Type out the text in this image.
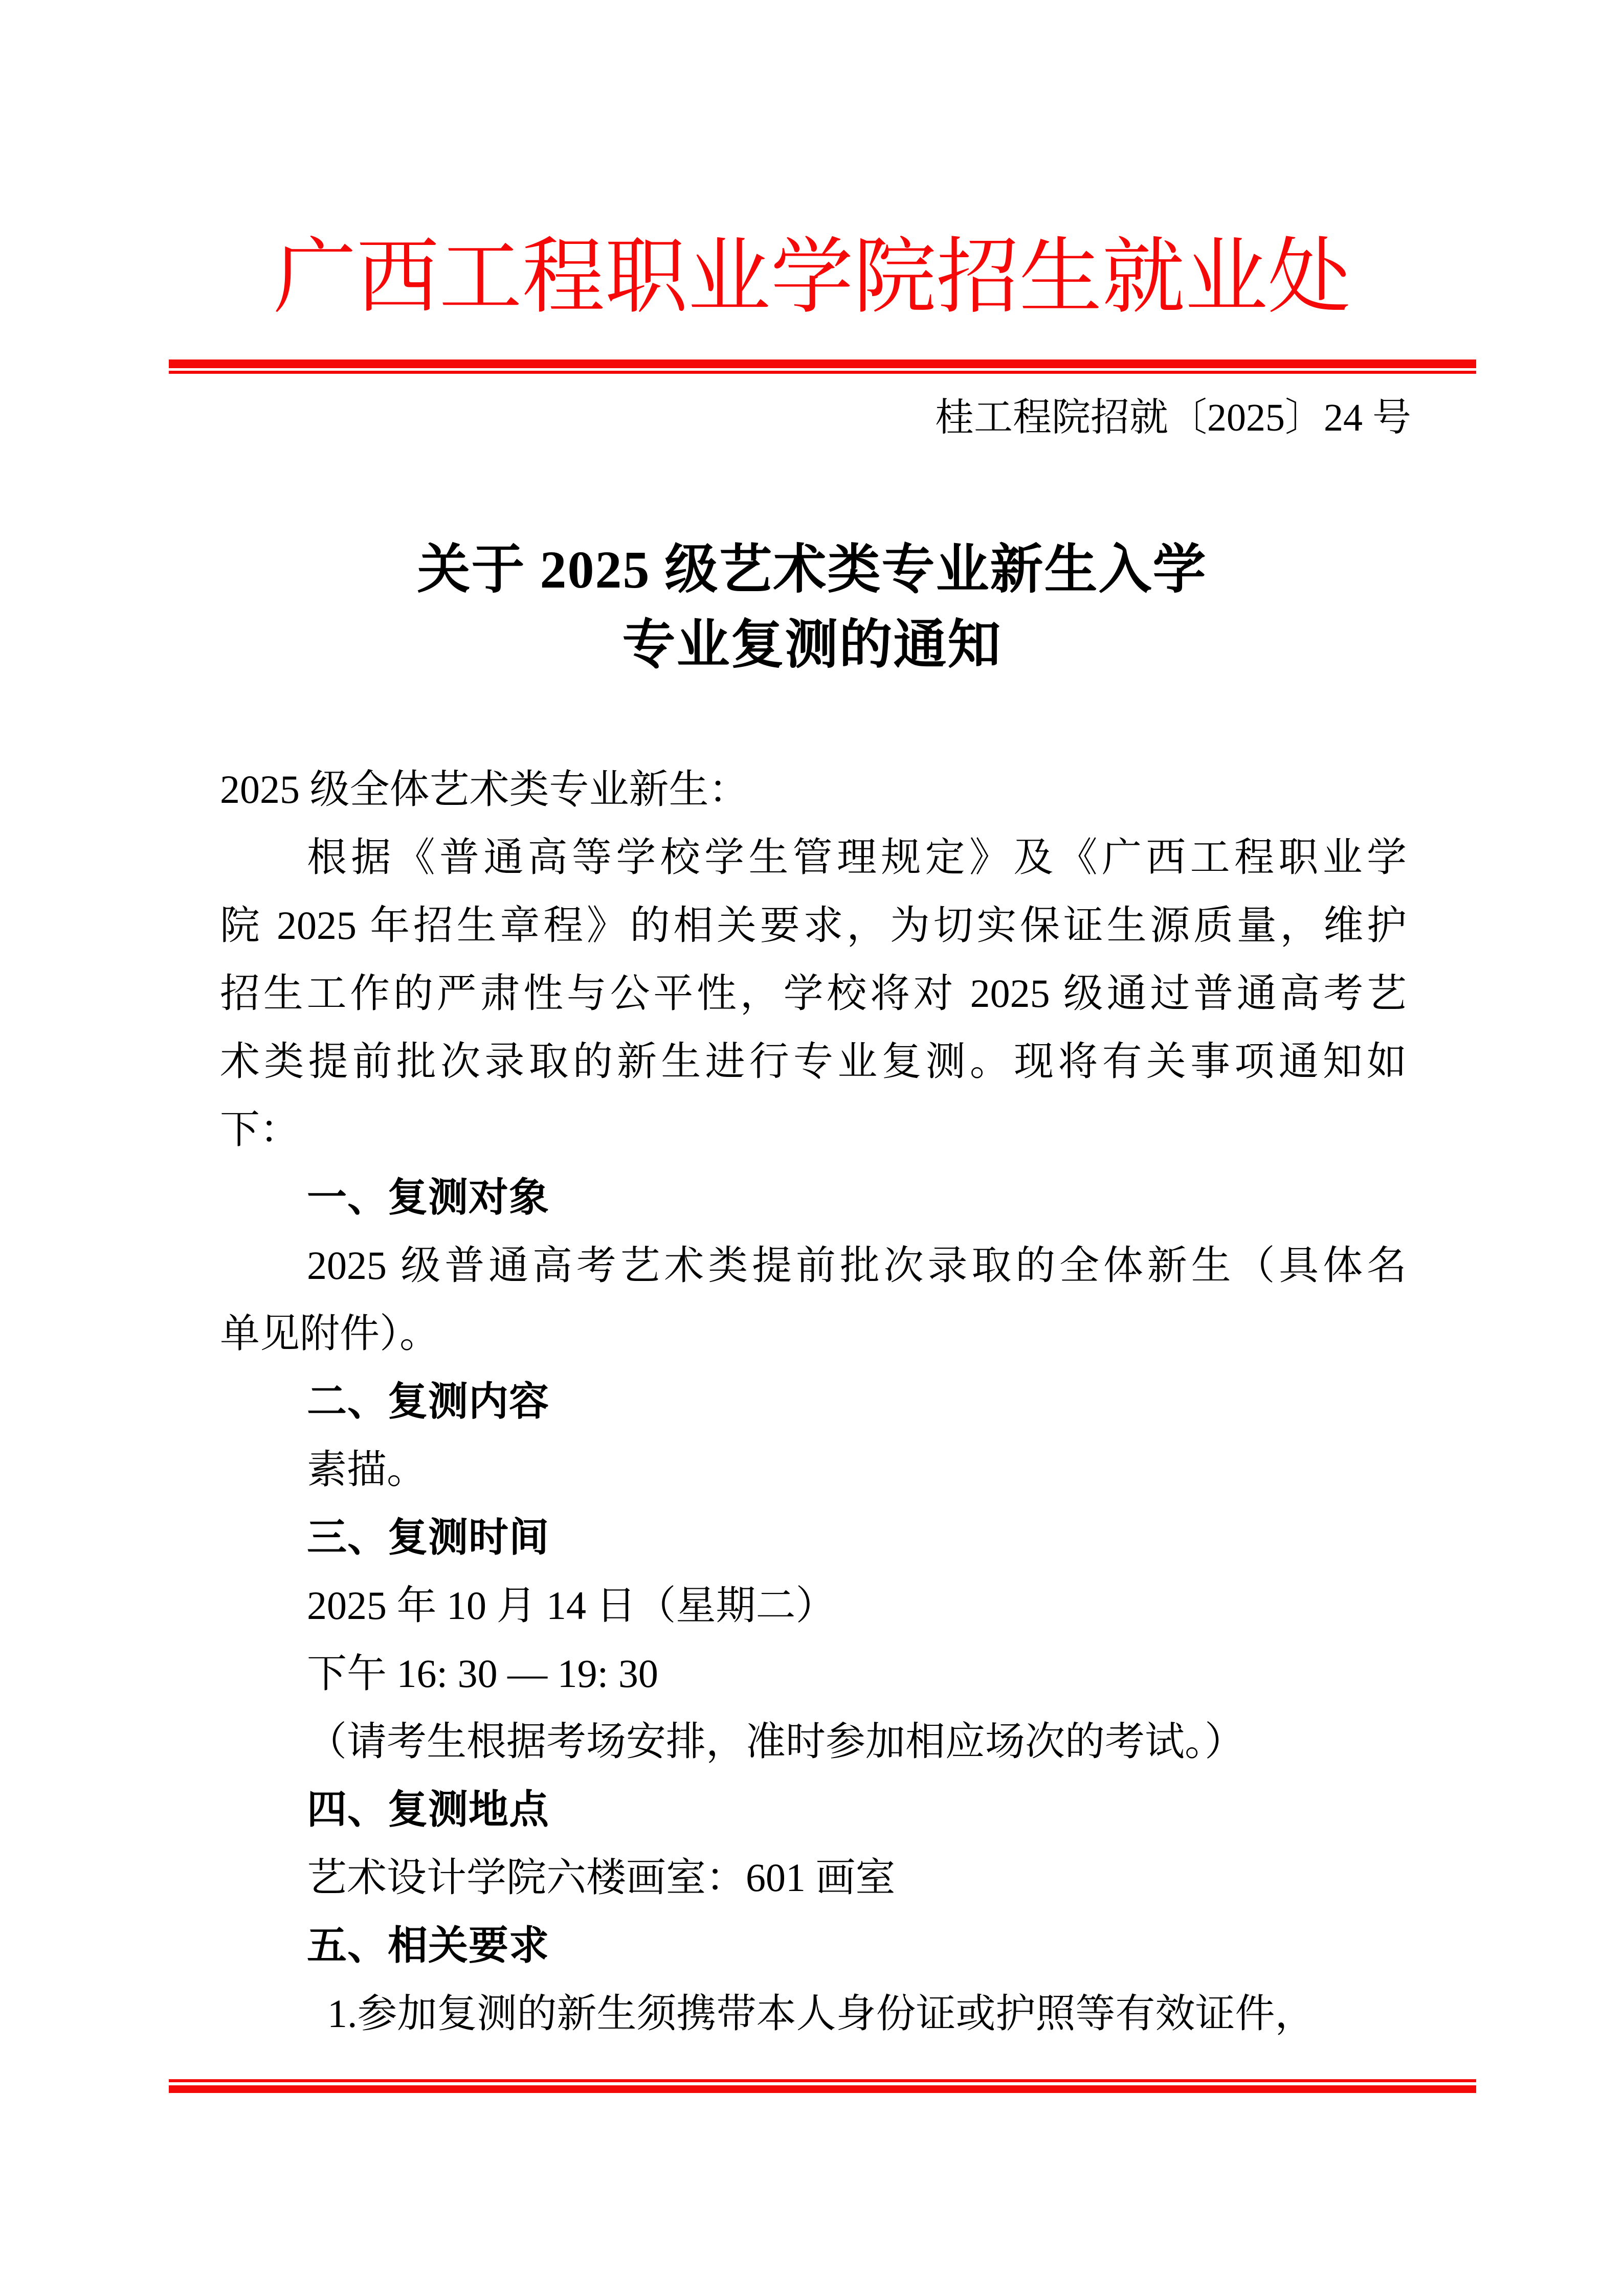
广西工程职业学院招生就业处
桂工程院招就〔2025〕24 号
关于 2025 级艺术类专业新生入学
专业复测的通知
2025 级全体艺术类专业新生：
根据《普通高等学校学生管理规定》及《广西工程职业学
院 2025 年招生章程》的相关要求，为切实保证生源质量，维护
招生工作的严肃性与公平性，学校将对 2025 级通过普通高考艺
术类提前批次录取的新生进行专业复测。现将有关事项通知如
下：
一、复测对象
2025 级普通高考艺术类提前批次录取的全体新生（具体名
单见附件）。
二、复测内容
素描。
三、复测时间
2025 年 10 月 14 日（星期二）
下午 16: 30 — 19: 30
（请考生根据考场安排，准时参加相应场次的考试。）
四、复测地点
艺术设计学院六楼画室：601 画室
五、相关要求
1.参加复测的新生须携带本人身份证或护照等有效证件，
